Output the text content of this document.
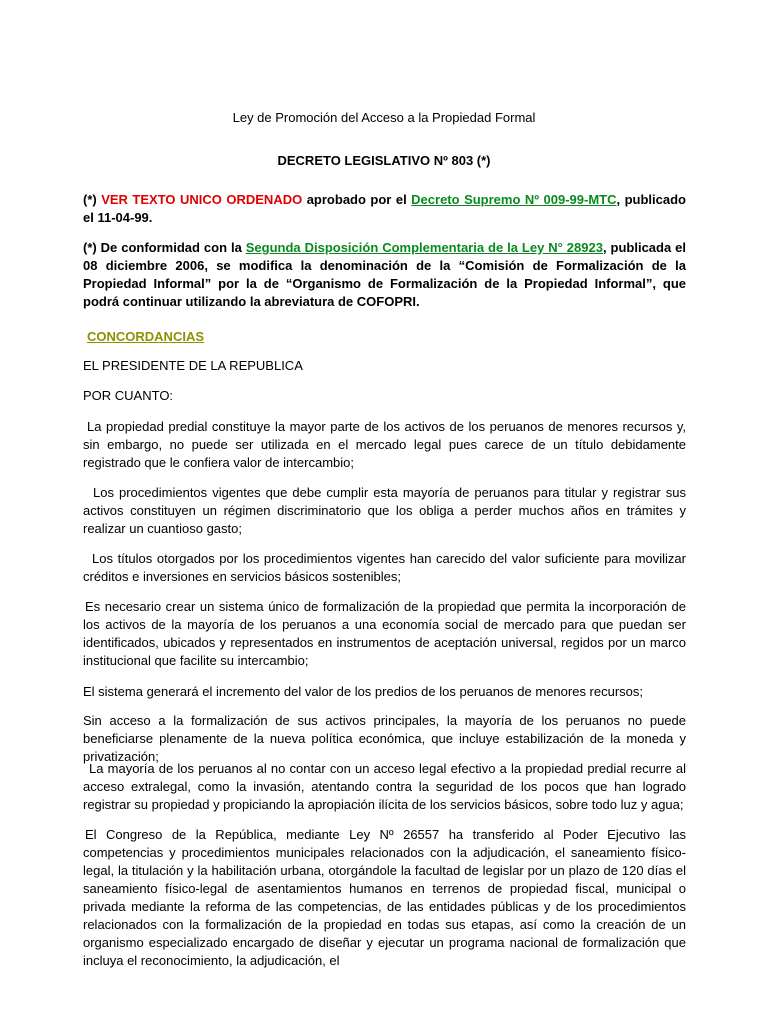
Ley de Promoción del Acceso a la Propiedad Formal
DECRETO LEGISLATIVO Nº 803 (*)
(*) VER TEXTO UNICO ORDENADO aprobado por el Decreto Supremo Nº 009-99-MTC, publicado el 11-04-99.
(*) De conformidad con la Segunda Disposición Complementaria de la Ley N° 28923, publicada el 08 diciembre 2006, se modifica la denominación de la “Comisión de Formalización de la Propiedad Informal” por la de “Organismo de Formalización de la Propiedad Informal”, que podrá continuar utilizando la abreviatura de COFOPRI.
CONCORDANCIAS
EL PRESIDENTE DE LA REPUBLICA
POR CUANTO:
La propiedad predial constituye la mayor parte de los activos de los peruanos de menores recursos y, sin embargo, no puede ser utilizada en el mercado legal pues carece de un título debidamente registrado que le confiera valor de intercambio;
Los procedimientos vigentes que debe cumplir esta mayoría de peruanos para titular y registrar sus activos constituyen un régimen discriminatorio que los obliga a perder muchos años en trámites y realizar un cuantioso gasto;
Los títulos otorgados por los procedimientos vigentes han carecido del valor suficiente para movilizar créditos e inversiones en servicios básicos sostenibles;
Es necesario crear un sistema único de formalización de la propiedad que permita la incorporación de los activos de la mayoría de los peruanos a una economía social de mercado para que puedan ser identificados, ubicados y representados en instrumentos de aceptación universal, regidos por un marco institucional que facilite su intercambio;
El sistema generará el incremento del valor de los predios de los peruanos de menores recursos;
Sin acceso a la formalización de sus activos principales, la mayoría de los peruanos no puede beneficiarse plenamente de la nueva política económica, que incluye estabilización de la moneda y privatización;
La mayoría de los peruanos al no contar con un acceso legal efectivo a la propiedad predial recurre al acceso extralegal, como la invasión, atentando contra la seguridad de los pocos que han logrado registrar su propiedad y propiciando la apropiación ilícita de los servicios básicos, sobre todo luz y agua;
El Congreso de la República, mediante Ley Nº 26557 ha transferido al Poder Ejecutivo las competencias y procedimientos municipales relacionados con la adjudicación, el saneamiento físico-legal, la titulación y la habilitación urbana, otorgándole la facultad de legislar por un plazo de 120 días el saneamiento físico-legal de asentamientos humanos en terrenos de propiedad fiscal, municipal o privada mediante la reforma de las competencias, de las entidades públicas y de los procedimientos relacionados con la formalización de la propiedad en todas sus etapas, así como la creación de un organismo especializado encargado de diseñar y ejecutar un programa nacional de formalización que incluya el reconocimiento, la adjudicación, el
